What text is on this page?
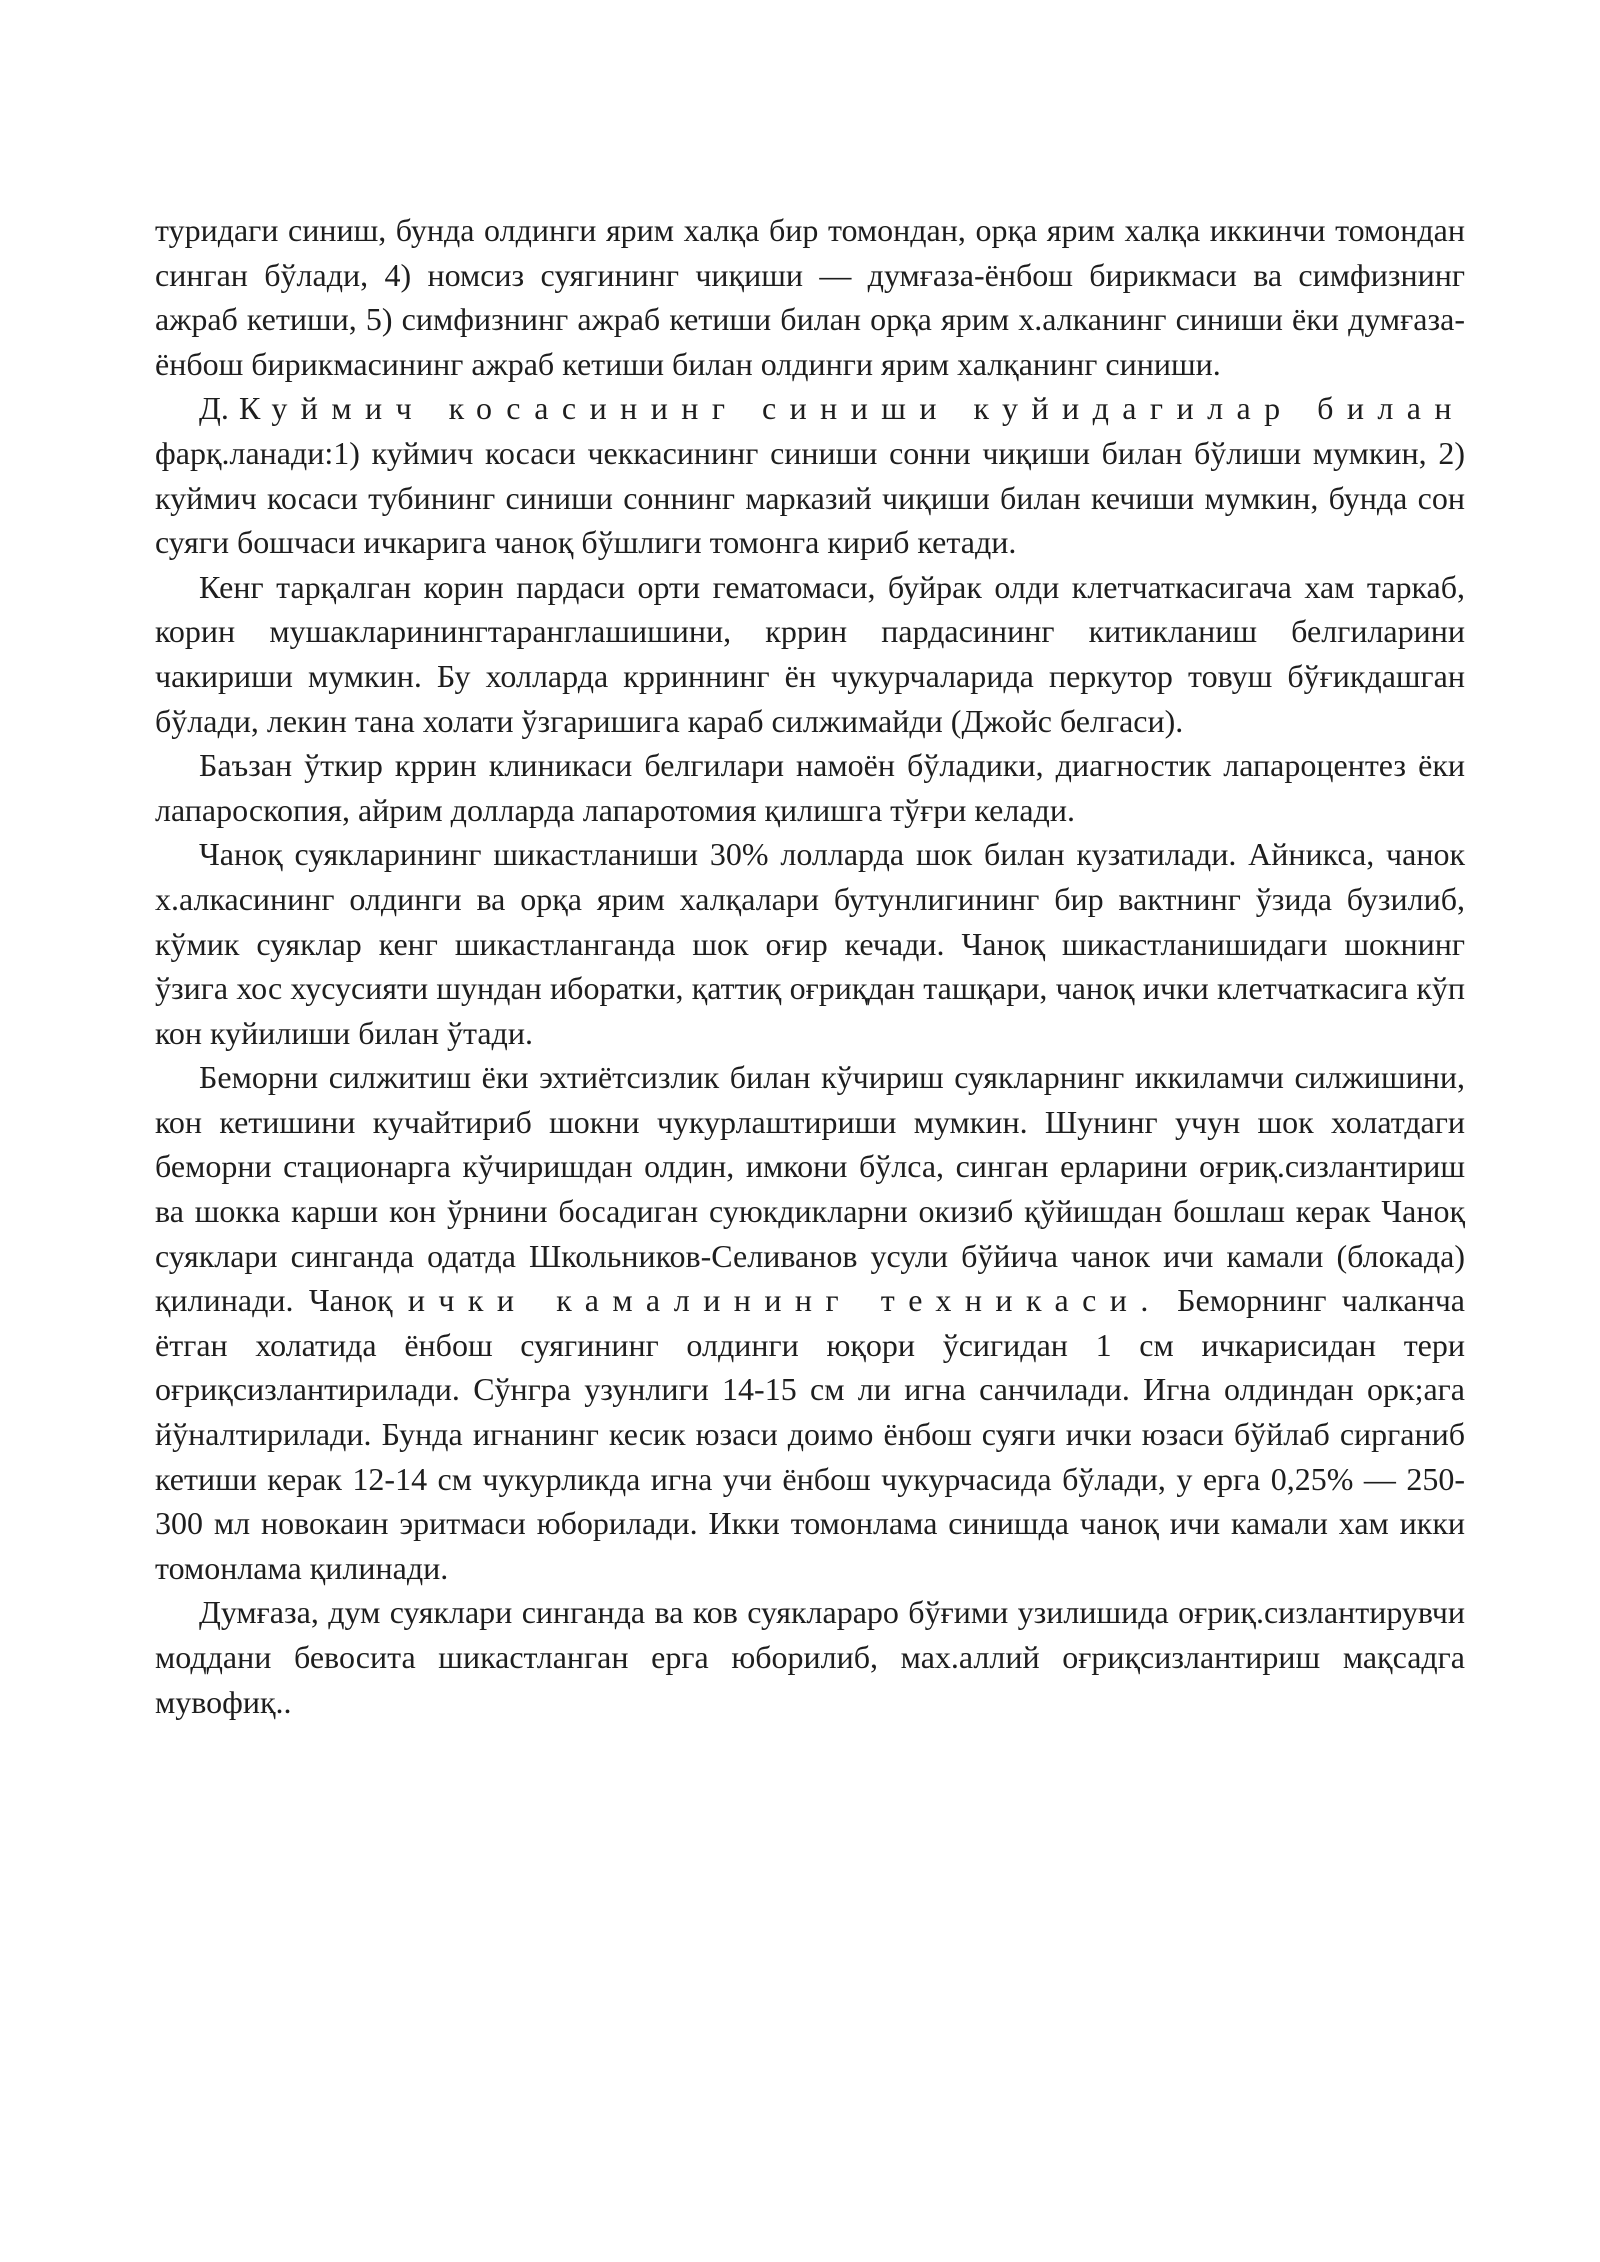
туридаги синиш, бунда олдинги ярим халқа бир томондан, орқа ярим халқа иккинчи томондан синган бўлади, 4) номсиз суягининг чиқиши — думғаза-ёнбош бирикмаси ва симфизнинг ажраб кетиши, 5) симфизнинг ажраб кетиши билан орқа ярим х.алканинг синиши ёки думғаза-ёнбош бирикмасининг ажраб кетиши билан олдинги ярим халқанинг синиши.

Д. Куймич косасининг синиши куйидагилар билан фарқ.ланади:1) куймич косаси чеккасининг синиши сонни чиқиши билан бўлиши мумкин, 2) куймич косаси тубининг синиши соннинг марказий чиқиши билан кечиши мумкин, бунда сон суяги бошчаси ичкарига чаноқ бўшлиги томонга кириб кетади.

Кенг тарқалган корин пардаси орти гематомаси, буйрак олди клетчаткасигача хам таркаб, корин мушакларинингтаранглашишини, кррин пардасининг китикланиш белгиларини чакириши мумкин. Бу холларда крриннинг ён чукурчаларида перкутор товуш бўғикдашган бўлади, лекин тана холати ўзгаришига караб силжимайди (Джойс белгаси).

Баъзан ўткир кррин клиникаси белгилари намоён бўладики, диагностик лапароцентез ёки лапароскопия, айрим долларда лапаротомия қилишга тўғри келади.

Чаноқ суякларининг шикастланиши 30% лолларда шок билан кузатилади. Айникса, чанок х.алкасининг олдинги ва орқа ярим халқалари бутунлигининг бир вактнинг ўзида бузилиб, кўмик суяклар кенг шикастланганда шок оғир кечади. Чаноқ шикастланишидаги шокнинг ўзига хос хусусияти шундан иборатки, қаттиқ оғриқдан ташқари, чаноқ ички клетчаткасига кўп кон куйилиши билан ўтади.

Беморни силжитиш ёки эхтиётсизлик билан кўчириш суякларнинг иккиламчи силжишини, кон кетишини кучайтириб шокни чукурлаштириши мумкин. Шунинг учун шок холатдаги беморни стационарга кўчиришдан олдин, имкони бўлса, синган ерларини оғриқ.сизлантириш ва шокка карши кон ўрнини босадиган суюкдикларни окизиб қўйишдан бошлаш керак Чаноқ суяклари синганда одатда Школьников-Селиванов усули бўйича чанок ичи камали (блокада) қилинади. Чаноқ ички камалининг техникаси. Беморнинг чалканча ётган холатида ёнбош суягининг олдинги юқори ўсигидан 1 см ичкарисидан тери оғриқсизлантирилади. Сўнгра узунлиги 14-15 см ли игна санчилади. Игна олдиндан орк;ага йўналтирилади. Бунда игнанинг кесик юзаси доимо ёнбош суяги ички юзаси бўйлаб сирганиб кетиши керак 12-14 см чукурликда игна учи ёнбош чукурчасида бўлади, у ерга 0,25% — 250-300 мл новокаин эритмаси юборилади. Икки томонлама синишда чаноқ ичи камали хам икки томонлама қилинади.

Думғаза, дум суяклари синганда ва ков суяклараро бўғими узилишида оғриқ.сизлантирувчи моддани бевосита шикастланган ерга юборилиб, мах.аллий оғриқсизлантириш мақсадга мувофиқ..
